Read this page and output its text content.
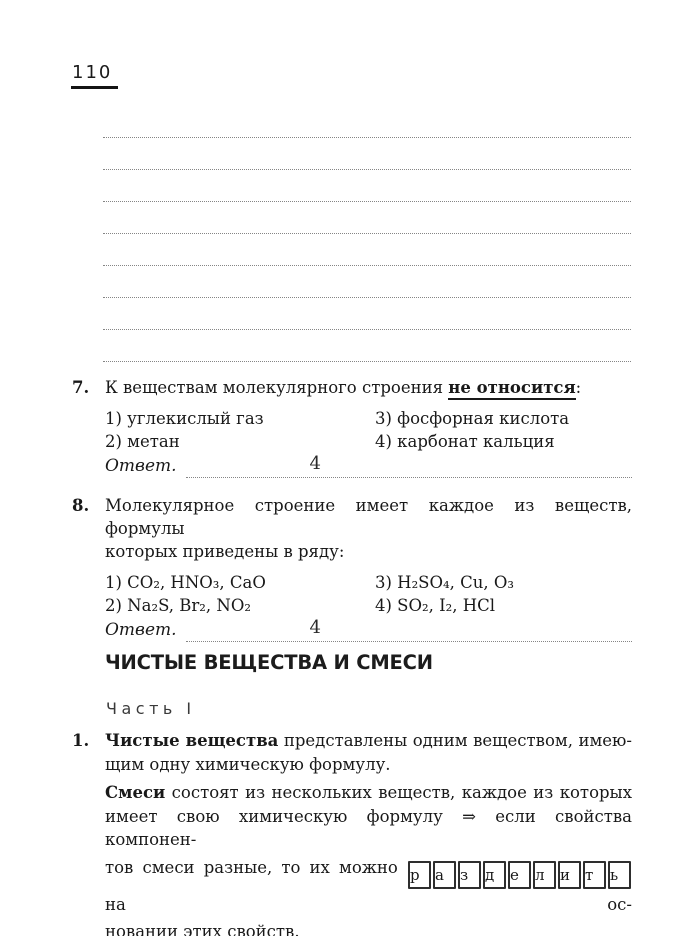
110
7. К веществам молекулярного строения не относится:
1) углекислый газ
2) метан
3) фосфорная кислота
4) карбонат кальция
Ответ.	4
8. Молекулярное строение имеет каждое из веществ, формулы
которых приведены в ряду:
1) CO₂, HNO₃, CaO
2) Na₂S, Br₂, NO₂
3) H₂SO₄, Cu, O₃
4) SO₂, I₂, HCl
Ответ.	4
ЧИСТЫЕ ВЕЩЕСТВА И СМЕСИ
Часть I
1. Чистые вещества представлены одним веществом, имею-
щим одну химическую формулу.
Смеси состоят из нескольких веществ, каждое из которых
имеет свою химическую формулу ⇒ если свойства компонен-
тов смеси разные, то их можно р а з д е л и т ь на ос-
новании этих свойств.
